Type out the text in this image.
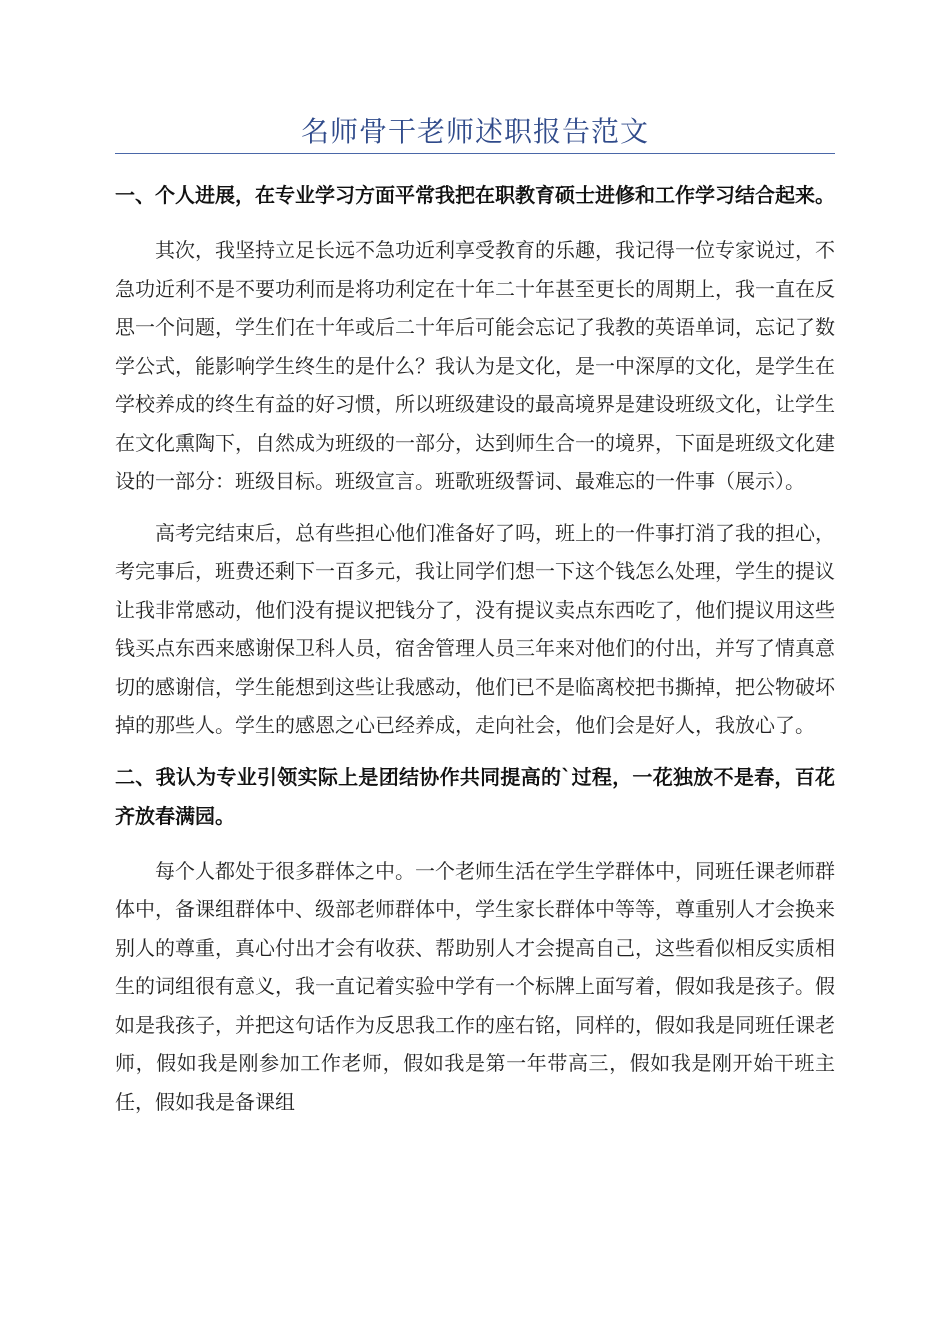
名师骨干老师述职报告范文

一、个人进展，在专业学习方面平常我把在职教育硕士进修和工作学习结合起来。

其次，我坚持立足长远不急功近利享受教育的乐趣，我记得一位专家说过，不急功近利不是不要功利而是将功利定在十年二十年甚至更长的周期上，我一直在反思一个问题，学生们在十年或后二十年后可能会忘记了我教的英语单词，忘记了数学公式，能影响学生终生的是什么？我认为是文化，是一中深厚的文化，是学生在学校养成的终生有益的好习惯，所以班级建设的最高境界是建设班级文化，让学生在文化熏陶下，自然成为班级的一部分，达到师生合一的境界，下面是班级文化建设的一部分：班级目标。班级宣言。班歌班级誓词、最难忘的一件事（展示）。

高考完结束后，总有些担心他们准备好了吗，班上的一件事打消了我的担心，考完事后，班费还剩下一百多元，我让同学们想一下这个钱怎么处理，学生的提议让我非常感动，他们没有提议把钱分了，没有提议卖点东西吃了，他们提议用这些钱买点东西来感谢保卫科人员，宿舍管理人员三年来对他们的付出，并写了情真意切的感谢信，学生能想到这些让我感动，他们已不是临离校把书撕掉，把公物破坏掉的那些人。学生的感恩之心已经养成，走向社会，他们会是好人，我放心了。

二、我认为专业引领实际上是团结协作共同提高的`过程，一花独放不是春，百花齐放春满园。

每个人都处于很多群体之中。一个老师生活在学生学群体中，同班任课老师群体中，备课组群体中、级部老师群体中，学生家长群体中等等，尊重别人才会换来别人的尊重，真心付出才会有收获、帮助别人才会提高自己，这些看似相反实质相生的词组很有意义，我一直记着实验中学有一个标牌上面写着，假如我是孩子。假如是我孩子，并把这句话作为反思我工作的座右铭，同样的，假如我是同班任课老师，假如我是刚参加工作老师，假如我是第一年带高三，假如我是刚开始干班主任，假如我是备课组
